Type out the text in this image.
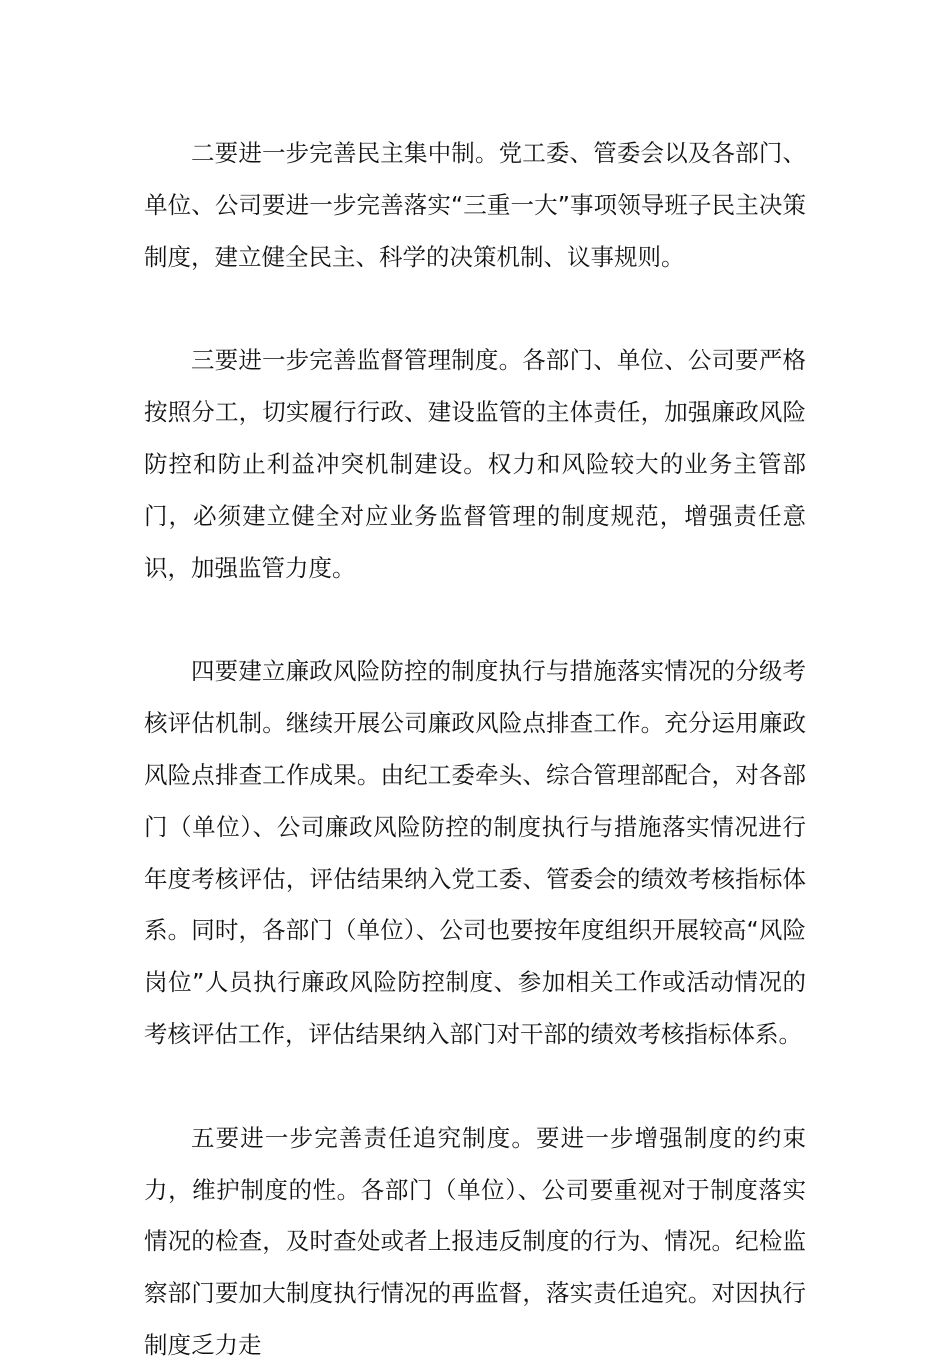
二要进一步完善民主集中制。党工委、管委会以及各部门、单位、公司要进一步完善落实“三重一大”事项领导班子民主决策制度，建立健全民主、科学的决策机制、议事规则。

三要进一步完善监督管理制度。各部门、单位、公司要严格按照分工，切实履行行政、建设监管的主体责任，加强廉政风险防控和防止利益冲突机制建设。权力和风险较大的业务主管部门，必须建立健全对应业务监督管理的制度规范，增强责任意识，加强监管力度。

四要建立廉政风险防控的制度执行与措施落实情况的分级考核评估机制。继续开展公司廉政风险点排查工作。充分运用廉政风险点排查工作成果。由纪工委牵头、综合管理部配合，对各部门（单位）、公司廉政风险防控的制度执行与措施落实情况进行年度考核评估，评估结果纳入党工委、管委会的绩效考核指标体系。同时，各部门（单位）、公司也要按年度组织开展较高“风险岗位”人员执行廉政风险防控制度、参加相关工作或活动情况的考核评估工作，评估结果纳入部门对干部的绩效考核指标体系。

五要进一步完善责任追究制度。要进一步增强制度的约束力，维护制度的性。各部门（单位）、公司要重视对于制度落实情况的检查，及时查处或者上报违反制度的行为、情况。纪检监察部门要加大制度执行情况的再监督，落实责任追究。对因执行制度乏力走
